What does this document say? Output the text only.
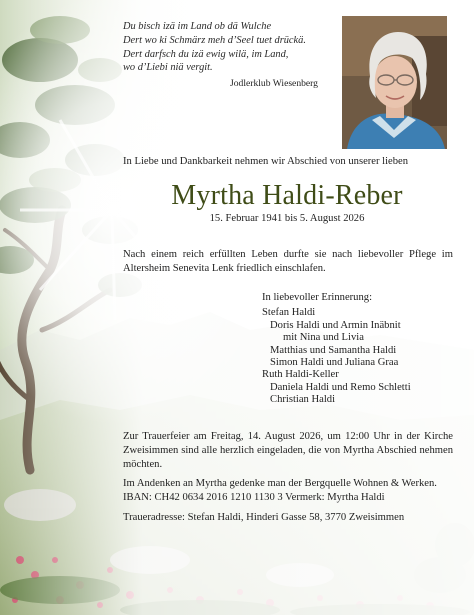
Du bisch izä im Land ob dä Wulche
Dert wo ki Schmärz meh d’Seel tuet drückä.
Dert darfsch du izä ewig wilä, im Land,
wo d’Liebi niä vergit.
Jodlerklub Wiesenberg
In Liebe und Dankbarkeit nehmen wir Abschied von unserer lieben
Myrtha Haldi-Reber
15. Februar 1941 bis 5. August 2026
Nach einem reich erfüllten Leben durfte sie nach liebevoller Pflege im Altersheim Senevita Lenk friedlich einschlafen.
In liebevoller Erinnerung:
Stefan Haldi
Doris Haldi und Armin Inäbnit
mit Nina und Livia
Matthias und Samantha Haldi
Simon Haldi und Juliana Graa
Ruth Haldi-Keller
Daniela Haldi und Remo Schletti
Christian Haldi
Zur Trauerfeier am Freitag, 14. August 2026, um 12:00 Uhr in der Kirche Zweisimmen sind alle herzlich eingeladen, die von Myrtha Abschied nehmen möchten.
Im Andenken an Myrtha gedenke man der Bergquelle Wohnen & Werken.
IBAN: CH42 0634 2016 1210 1130 3 Vermerk: Myrtha Haldi
Traueradresse: Stefan Haldi, Hinderi Gasse 58, 3770 Zweisimmen
